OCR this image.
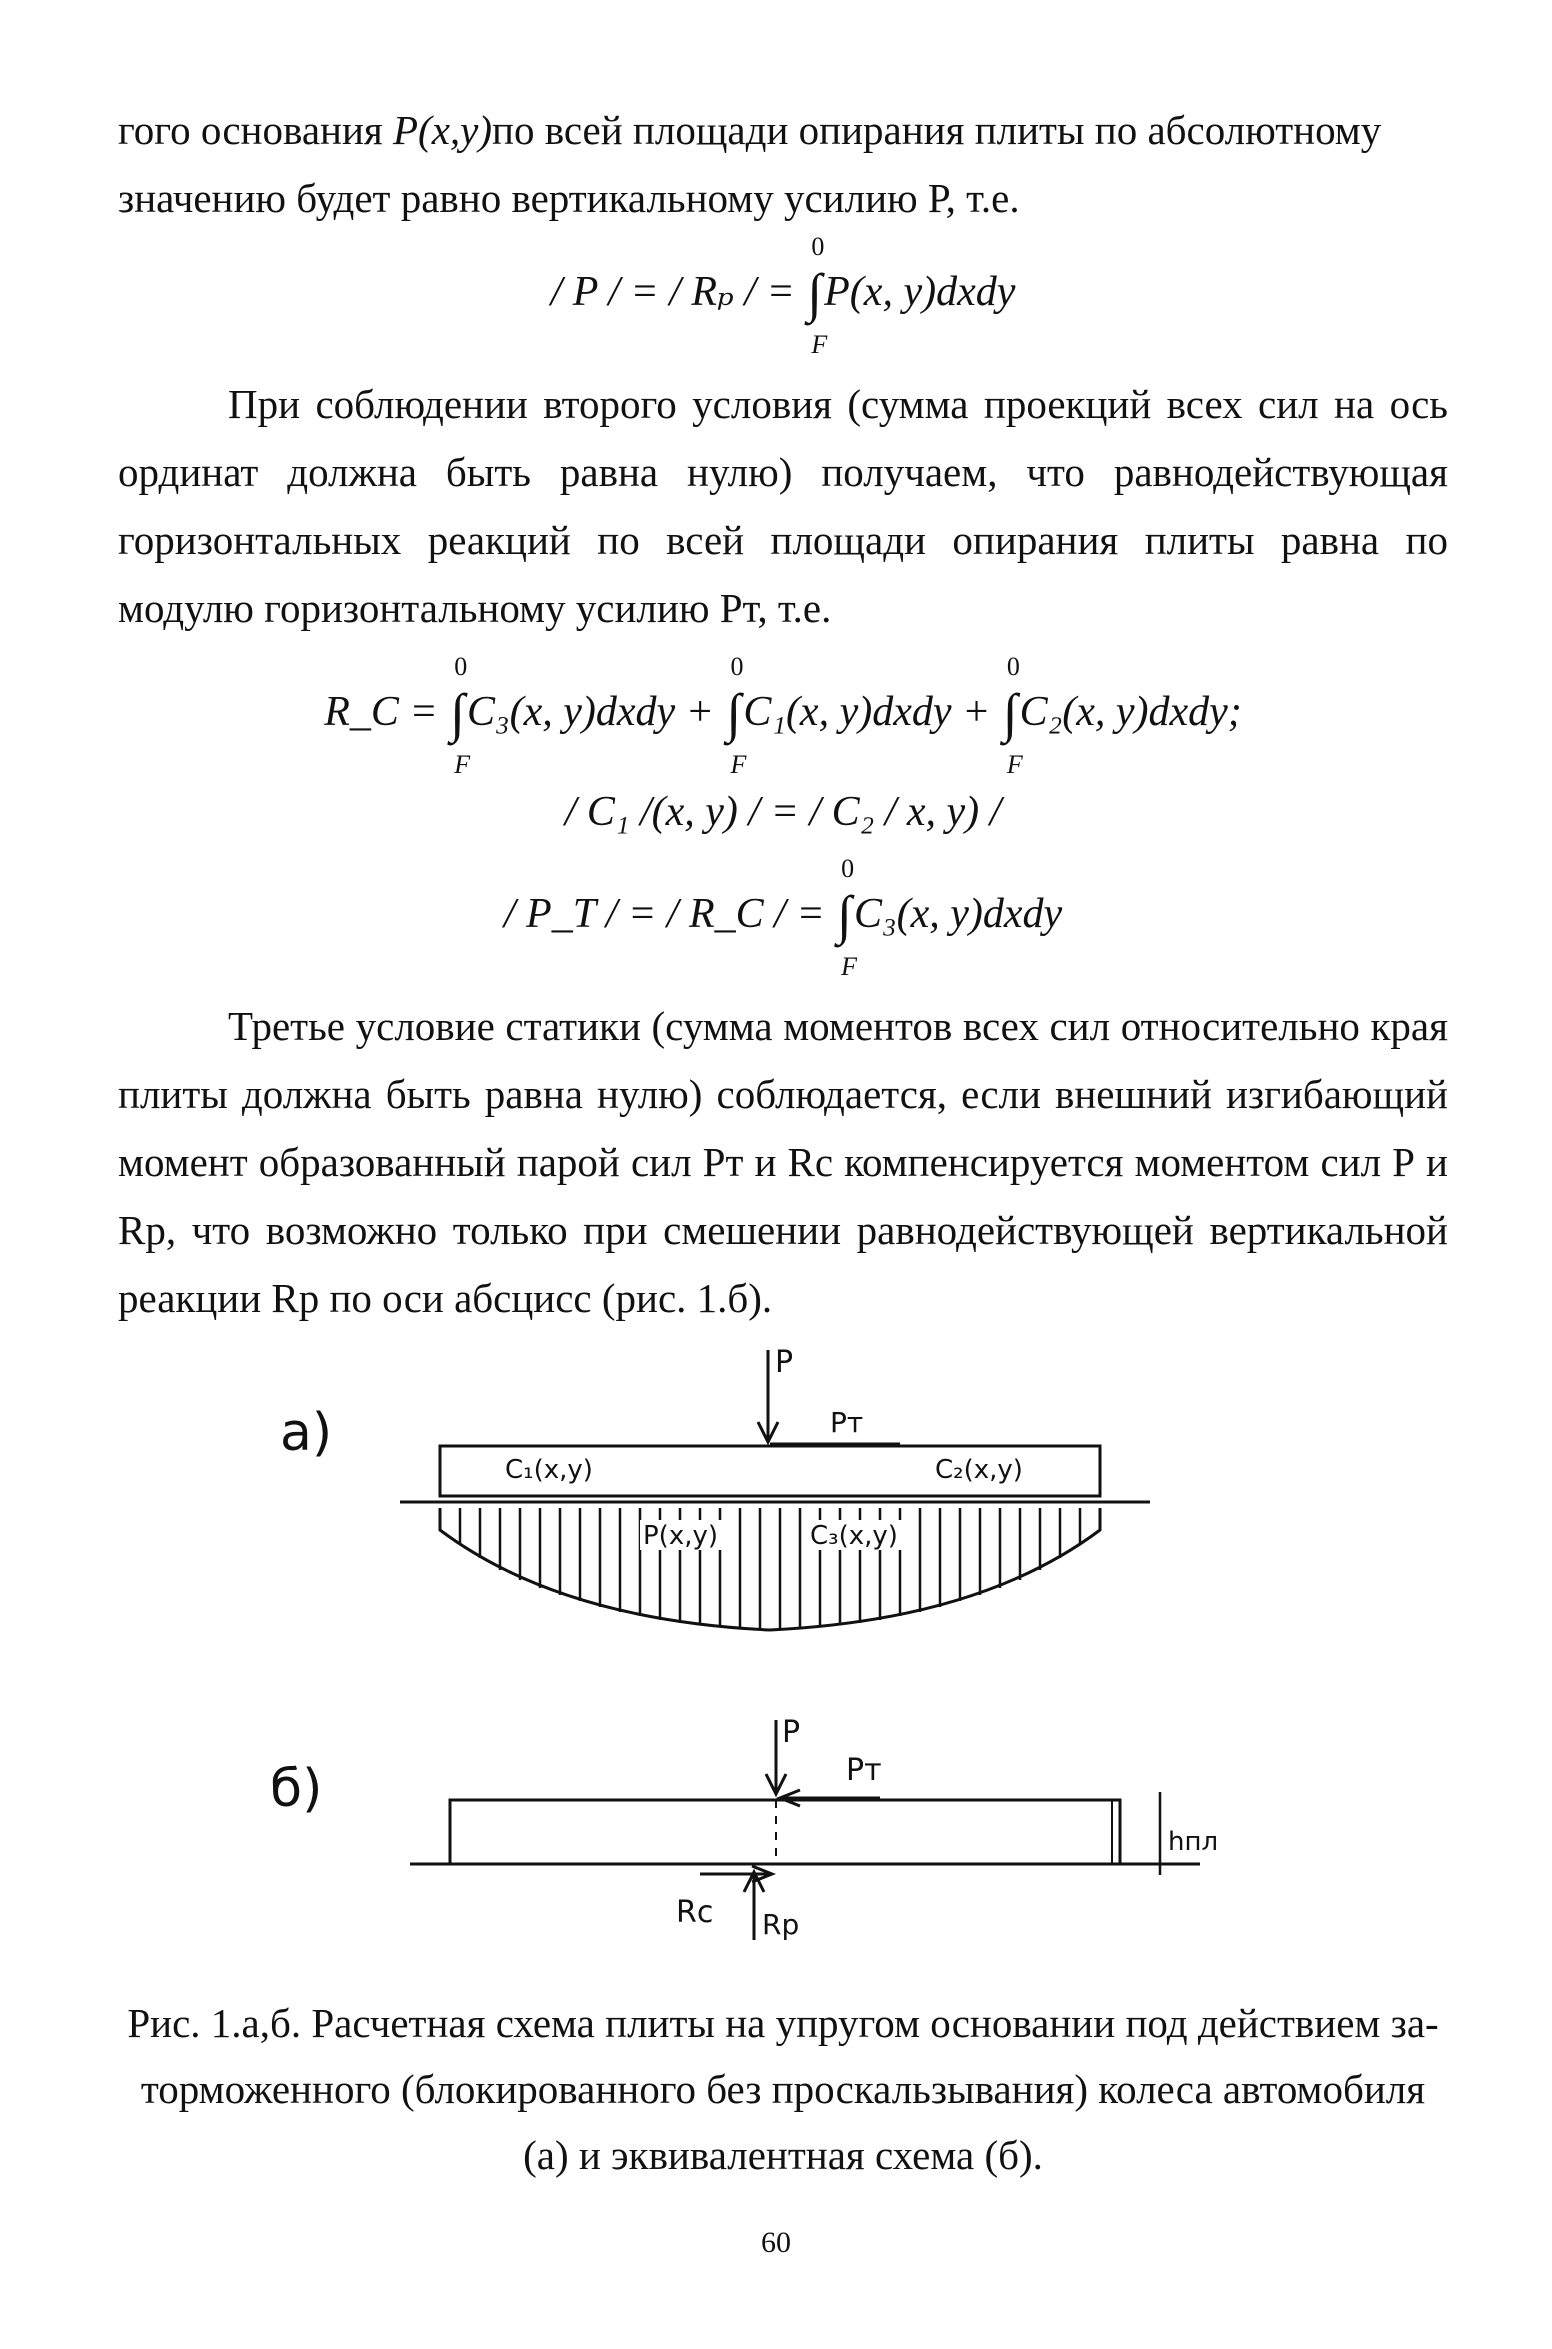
гого основания P(x,y)по всей площади опирания плиты по абсолютному
значению будет равно вертикальному усилию Р, т.е.

/ P / = / Rₚ / =
0
∫
F
P(x, y)dxdy

При соблюдении второго условия (сумма проекций всех сил на ось ординат должна быть равна нулю) получаем, что равнодействующая горизонтальных реакций по всей площади опирания плиты равна по модулю горизонтальному усилию Рт, т.е.

R_C =
0
∫
F
C₃(x, y)dxdy +
0
∫
F
C₁(x, y)dxdy +
0
∫
F
C₂(x, y)dxdy;
/ C₁ /(x, y) / = / C₂ / x, y) /
/ P_T / = / R_C / =
0
∫
F
C₃(x, y)dxdy

Третье условие статики (сумма моментов всех сил относительно края плиты должна быть равна нулю) соблюдается, если внешний изгибающий момент образованный парой сил Рт и Rс компенсируется моментом сил Р и Rр, что возможно только при смешении равнодействующей вертикальной реакции Rр по оси абсцисс (рис. 1.б).

а)
P
Pт
C₁(x,y)	C₂(x,y)
P(x,y)	C₃(x,y)
б)
P
Pт
hпл
Rc Rp

Рис. 1.а,б. Расчетная схема плиты на упругом основании под действием за-

торможенного (блокированного без проскальзывания) колеса автомобиля

(а) и эквивалентная схема (б).

60
